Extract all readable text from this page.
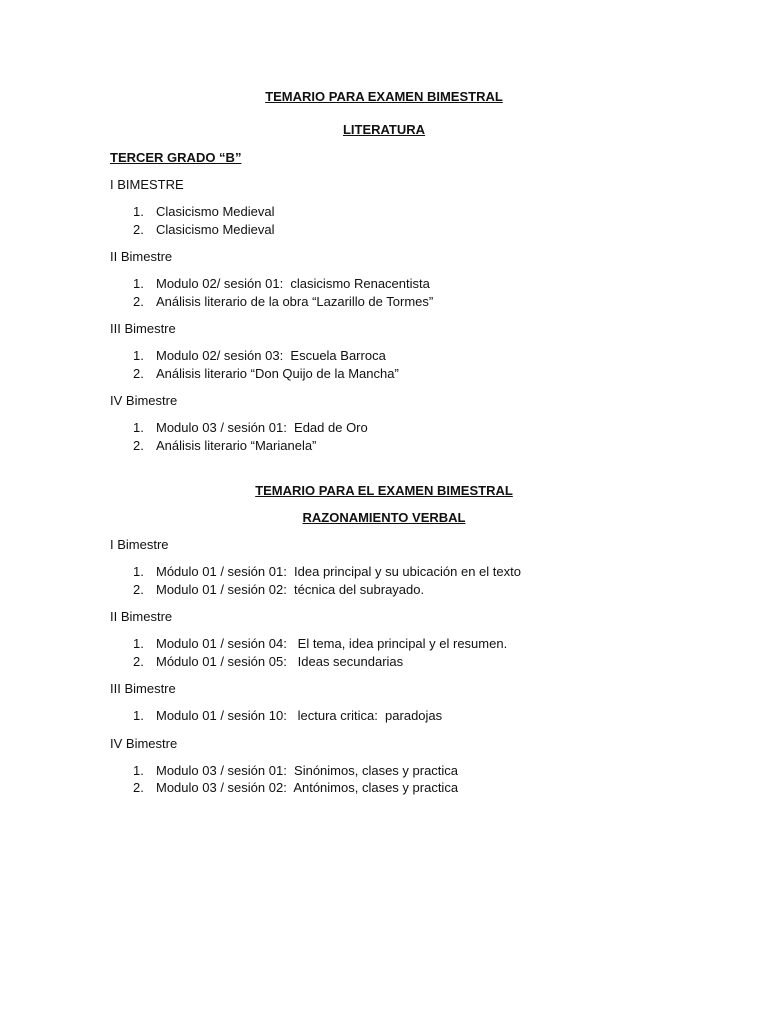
TEMARIO PARA EXAMEN BIMESTRAL
LITERATURA
TERCER GRADO “B”
I BIMESTRE
1. Clasicismo Medieval
2. Clasicismo Medieval
II Bimestre
1. Modulo 02/ sesión 01:  clasicismo Renacentista
2. Análisis literario de la obra “Lazarillo de Tormes”
III Bimestre
1. Modulo 02/ sesión 03:  Escuela Barroca
2. Análisis literario “Don Quijo de la Mancha”
IV Bimestre
1. Modulo 03 / sesión 01:  Edad de Oro
2. Análisis literario “Marianela”
TEMARIO PARA EL EXAMEN BIMESTRAL
RAZONAMIENTO VERBAL
I Bimestre
1. Módulo 01 / sesión 01:  Idea principal y su ubicación en el texto
2. Modulo 01 / sesión 02:  técnica del subrayado.
II Bimestre
1. Modulo 01 / sesión 04:   El tema, idea principal y el resumen.
2. Módulo 01 / sesión 05:   Ideas secundarias
III Bimestre
1. Modulo 01 / sesión 10:   lectura critica:  paradojas
IV Bimestre
1. Modulo 03 / sesión 01:  Sinónimos, clases y practica
2. Modulo 03 / sesión 02:  Antónimos, clases y practica
